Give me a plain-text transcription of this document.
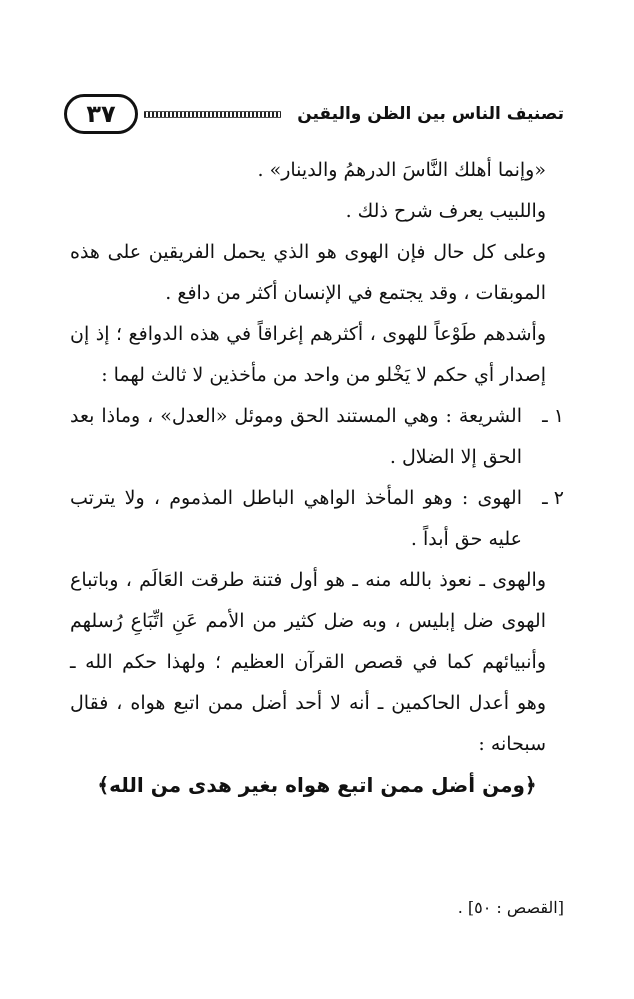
تصنيف الناس بين الظن واليقين
٣٧

«وإنما أهلك النَّاسَ الدرهمُ والدينار» .

واللبيب يعرف شرح ذلك .

وعلى كل حال فإن الهوى هو الذي يحمل الفريقين على هذه الموبقات ، وقد يجتمع في الإنسان أكثر من دافع .

وأشدهم طَوْعاً للهوى ، أكثرهم إغراقاً في هذه الدوافع ؛ إذ إن إصدار أي حكم لا يَخْلو من واحد من مأخذين لا ثالث لهما :

١ ـ
الشريعة : وهي المستند الحق وموئل «العدل» ، وماذا بعد الحق إلا الضلال .
٢ ـ
الهوى : وهو المأخذ الواهي الباطل المذموم ، ولا يترتب عليه حق أبداً .

والهوى ـ نعوذ بالله منه ـ هو أول فتنة طرقت العَالَم ، وباتباع الهوى ضل إبليس ، وبه ضل كثير من الأمم عَنِ اتِّبَاعِ رُسلهم وأنبيائهم كما في قصص القرآن العظيم ؛ ولهذا حكم الله ـ وهو أعدل الحاكمين ـ أنه لا أحد أضل ممن اتبع هواه ، فقال سبحانه :

﴿ومن أضل ممن اتبع هواه بغير هدى من الله﴾

[القصص : ٥٠] .
